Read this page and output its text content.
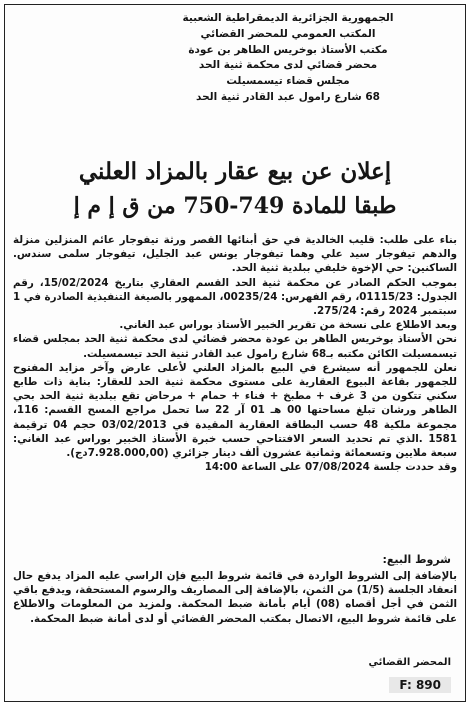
الجمهورية الجزائرية الديمقراطية الشعبية
المكتب العمومي للمحضر القضائي
مكتب الأستاذ بوخريس الطاهر بن عودة
محضر قضائي لدى محكمة ثنية الحد
مجلس قضاء تيسمسيلت
68 شارع رامول عبد القادر ثنية الحد
إعلان عن بيع عقار بالمزاد العلني
طبقا للمادة 749-750 من ق إ م إ

بناء على طلب: قليب الخالدية في حق أبنائها القصر ورثة تيفوجار عائم المنزلين منزلة والدهم تيفوجار سيد علي وهما تيفوجار يونس عبد الجليل، تيفوجار سلمى سندس. الساكنين: حي الإخوة خليفي ببلدية ثنية الحد.

بموجب الحكم الصادر عن محكمة ثنية الحد القسم العقاري بتاريخ 15/02/2024، رقم الجدول: 01115/23، رقم الفهرس: 00235/24، الممهور بالصيغة التنفيذية الصادرة في 1 سبتمبر 2024 رقم: 275/24.

وبعد الاطلاع على نسخة من تقرير الخبير الأستاذ بوراس عبد الغاني.

نحن الأستاذ بوخريس الطاهر بن عودة محضر قضائي لدى محكمة ثنية الحد بمجلس قضاء تيسمسيلت الكائن مكتبه بـ68 شارع رامول عبد القادر ثنية الحد تيسمسيلت.

نعلن للجمهور أنه سيشرع في البيع بالمزاد العلني لأعلى عارض وآخر مزايد المفتوح للجمهور بقاعة البيوع العقارية على مستوى محكمة ثنية الحد للعقار: بناية ذات طابع سكني تتكون من 3 غرف + مطبخ + فناء + حمام + مرحاض تقع ببلدية ثنية الحد بحي الطاهر ورشان تبلغ مساحتها 00 هـ 01 آر 22 سا تحمل مراجع المسح القسم: 116، مجموعة ملكية 48 حسب البطاقة العقارية المقيدة في 03/02/2013 حجم 04 ترقيمة 1581 .الذي تم تحديد السعر الافتتاحي حسب خبرة الأستاذ الخبير بوراس عبد الغاني: سبعة ملايين وتسعمائة وثمانية عشرون ألف دينار جزائري (7.928.000,00دج).

وقد حددت جلسة 07/08/2024 على الساعة 14:00

شروط البيع:
بالإضافة إلى الشروط الواردة في قائمة شروط البيع فإن الراسي عليه المزاد يدفع حال انعقاد الجلسة (1/5) من الثمن، بالإضافة إلى المصاريف والرسوم المستحقة، ويدفع باقي الثمن في أجل أقصاه (08) أيام بأمانة ضبط المحكمة. ولمزيد من المعلومات والاطلاع على قائمة شروط البيع، الاتصال بمكتب المحضر القضائي أو لدى أمانة ضبط المحكمة.
المحضر القضائي
F: 890
